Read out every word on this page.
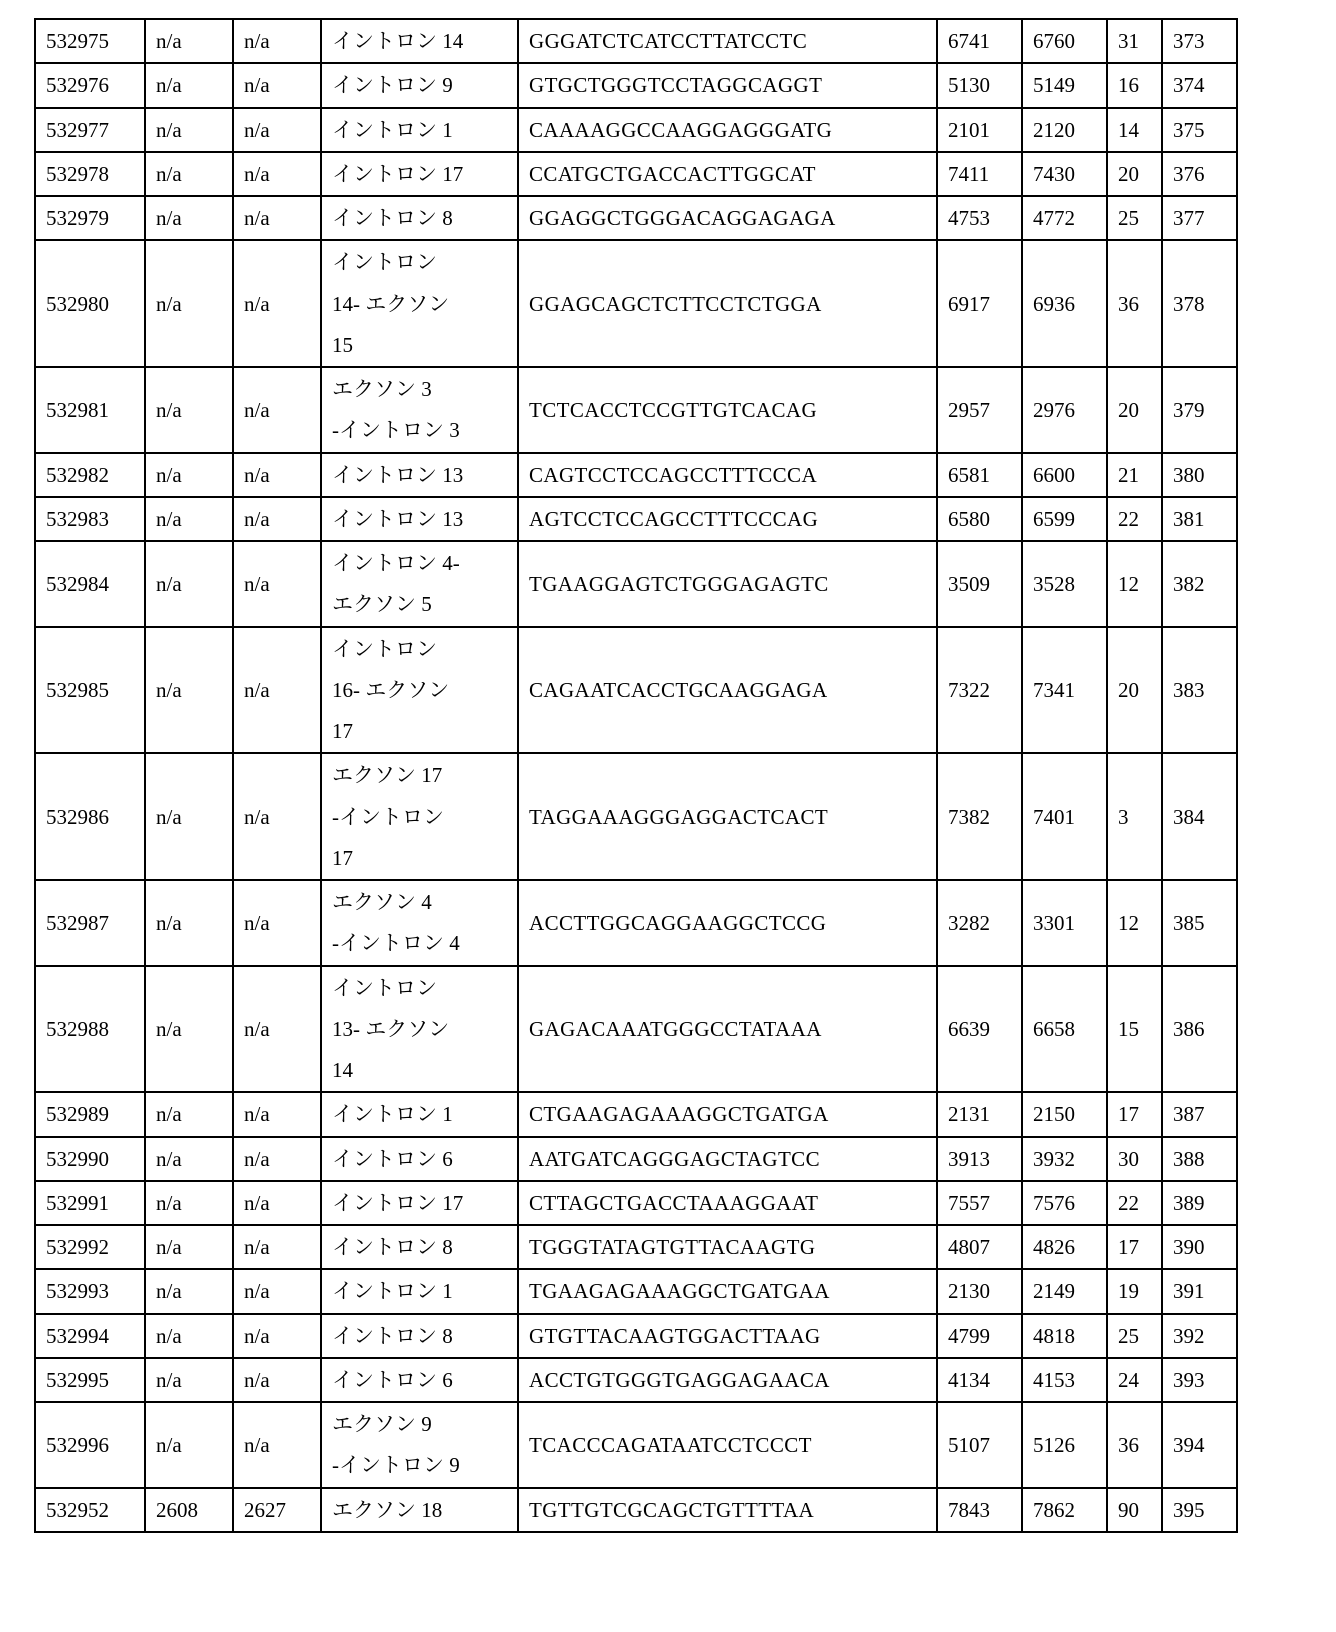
532975	n/a	n/a	イントロン 14	GGGATCTCATCCTTATCCTC	6741	6760	31	373
532976	n/a	n/a	イントロン 9	GTGCTGGGTCCTAGGCAGGT	5130	5149	16	374
532977	n/a	n/a	イントロン 1	CAAAAGGCCAAGGAGGGATG	2101	2120	14	375
532978	n/a	n/a	イントロン 17	CCATGCTGACCACTTGGCAT	7411	7430	20	376
532979	n/a	n/a	イントロン 8	GGAGGCTGGGACAGGAGAGA	4753	4772	25	377
532980	n/a	n/a	イントロン
14- エクソン
15	GGAGCAGCTCTTCCTCTGGA	6917	6936	36	378
532981	n/a	n/a	エクソン 3
-イントロン 3	TCTCACCTCCGTTGTCACAG	2957	2976	20	379
532982	n/a	n/a	イントロン 13	CAGTCCTCCAGCCTTTCCCA	6581	6600	21	380
532983	n/a	n/a	イントロン 13	AGTCCTCCAGCCTTTCCCAG	6580	6599	22	381
532984	n/a	n/a	イントロン 4-
エクソン 5	TGAAGGAGTCTGGGAGAGTC	3509	3528	12	382
532985	n/a	n/a	イントロン
16- エクソン
17	CAGAATCACCTGCAAGGAGA	7322	7341	20	383
532986	n/a	n/a	エクソン 17
-イントロン
17	TAGGAAAGGGAGGACTCACT	7382	7401	3	384
532987	n/a	n/a	エクソン 4
-イントロン 4	ACCTTGGCAGGAAGGCTCCG	3282	3301	12	385
532988	n/a	n/a	イントロン
13- エクソン
14	GAGACAAATGGGCCTATAAA	6639	6658	15	386
532989	n/a	n/a	イントロン 1	CTGAAGAGAAAGGCTGATGA	2131	2150	17	387
532990	n/a	n/a	イントロン 6	AATGATCAGGGAGCTAGTCC	3913	3932	30	388
532991	n/a	n/a	イントロン 17	CTTAGCTGACCTAAAGGAAT	7557	7576	22	389
532992	n/a	n/a	イントロン 8	TGGGTATAGTGTTACAAGTG	4807	4826	17	390
532993	n/a	n/a	イントロン 1	TGAAGAGAAAGGCTGATGAA	2130	2149	19	391
532994	n/a	n/a	イントロン 8	GTGTTACAAGTGGACTTAAG	4799	4818	25	392
532995	n/a	n/a	イントロン 6	ACCTGTGGGTGAGGAGAACA	4134	4153	24	393
532996	n/a	n/a	エクソン 9
-イントロン 9	TCACCCAGATAATCCTCCCT	5107	5126	36	394
532952	2608	2627	エクソン 18	TGTTGTCGCAGCTGTTTTAA	7843	7862	90	395
